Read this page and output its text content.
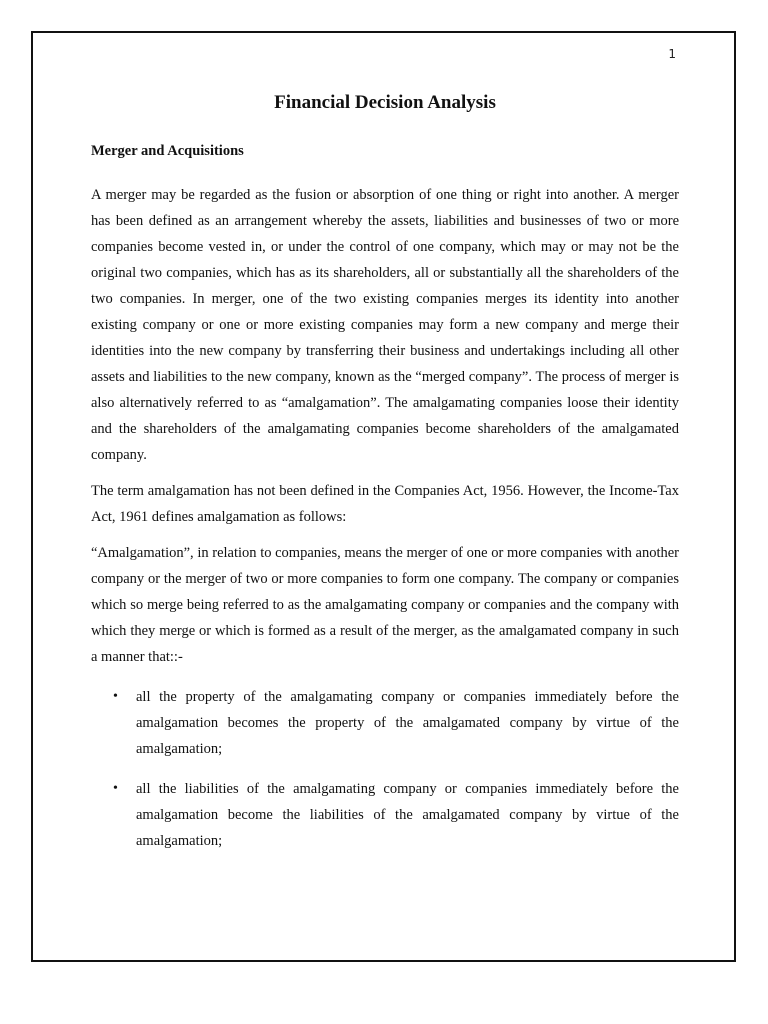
1
Financial Decision Analysis
Merger and Acquisitions

A merger may be regarded as the fusion or absorption of one thing or right into another. A merger has been defined as an arrangement whereby the assets, liabilities and businesses of two or more companies become vested in, or under the control of one company, which may or may not be the original two companies, which has as its shareholders, all or substantially all the shareholders of the two companies. In merger, one of the two existing companies merges its identity into another existing company or one or more existing companies may form a new company and merge their identities into the new company by transferring their business and undertakings including all other assets and liabilities to the new company, known as the “merged company”. The process of merger is also alternatively referred to as “amalgamation”. The amalgamating companies loose their identity and the shareholders of the amalgamating companies become shareholders of the amalgamated company.

The term amalgamation has not been defined in the Companies Act, 1956. However, the Income-Tax Act, 1961 defines amalgamation as follows:

“Amalgamation”, in relation to companies, means the merger of one or more companies with another company or the merger of two or more companies to form one company. The company or companies which so merge being referred to as the amalgamating company or companies and the company with which they merge or which is formed as a result of the merger, as the amalgamated company in such a manner that::-

• all the property of the amalgamating company or companies immediately before the amalgamation becomes the property of the amalgamated company by virtue of the amalgamation;
• all the liabilities of the amalgamating company or companies immediately before the amalgamation become the liabilities of the amalgamated company by virtue of the amalgamation;
